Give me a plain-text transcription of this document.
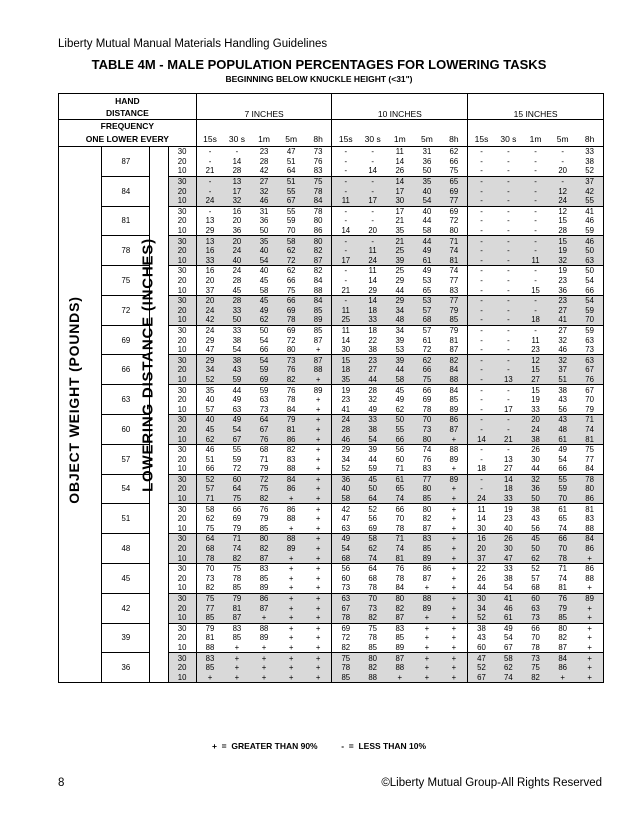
Liberty Mutual Manual Materials Handling Guidelines
TABLE 4M - MALE POPULATION PERCENTAGES FOR LOWERING TASKS
BEGINNING BELOW KNUCKLE HEIGHT (<31")
HAND				7 INCHES					10 INCHES					15 INCHES				
DISTANCE																		
FREQUENCY																		
ONE LOWER EVERY				15s	30 s	1m	5m	8h	15s	30 s	1m	5m	8h	15s	30 s	1m	5m	8h
	87		30	-	-	23	47	73	-	-	11	31	62	-	-	-	-	33
			20	-	14	28	51	76	-	-	14	36	66	-	-	-	-	38
			10	21	28	42	64	83	-	14	26	50	75	-	-	-	20	52
	84		30	-	13	27	51	75	-	-	14	35	65	-	-	-	-	37
			20	-	17	32	55	78	-	-	17	40	69	-	-	-	12	42
			10	24	32	46	67	84	11	17	30	54	77	-	-	-	24	55
	81		30	-	16	31	55	78	-	-	17	40	69	-	-	-	12	41
			20	13	20	36	59	80	-	-	21	44	72	-	-	-	15	46
			10	29	36	50	70	86	14	20	35	58	80	-	-	-	28	59
	78		30	13	20	35	58	80	-	-	21	44	71	-	-	-	15	46
			20	16	24	40	62	82	-	11	25	49	74	-	-	-	19	50
			10	33	40	54	72	87	17	24	39	61	81	-	-	11	32	63
	75		30	16	24	40	62	82	-	11	25	49	74	-	-	-	19	50
			20	20	28	45	66	84	-	14	29	53	77	-	-	-	23	54
			10	37	45	58	75	88	21	29	44	65	83	-	-	15	36	66
	72		30	20	28	45	66	84	-	14	29	53	77	-	-	-	23	54
			20	24	33	49	69	85	11	18	34	57	79	-	-	-	27	59
			10	42	50	62	78	89	25	33	48	68	85	-	-	18	41	70
	69		30	24	33	50	69	85	11	18	34	57	79	-	-	-	27	59
			20	29	38	54	72	87	14	22	39	61	81	-	-	11	32	63
			10	47	54	66	80	+	30	38	53	72	87	-	-	23	46	73
	66		30	29	38	54	73	87	15	23	39	62	82	-	-	12	32	63
			20	34	43	59	76	88	18	27	44	66	84	-	-	15	37	67
			10	52	59	69	82	+	35	44	58	75	88	-	13	27	51	76
	63		30	35	44	59	76	89	19	28	45	66	84	-	-	15	38	67
			20	40	49	63	78	+	23	32	49	69	85	-	-	19	43	70
			10	57	63	73	84	+	41	49	62	78	89	-	17	33	56	79
	60		30	40	49	64	79	+	24	33	50	70	86	-	-	20	43	71
			20	45	54	67	81	+	28	38	55	73	87	-	-	24	48	74
			10	62	67	76	86	+	46	54	66	80	+	14	21	38	61	81
	57		30	46	55	68	82	+	29	39	56	74	88	-	-	26	49	75
			20	51	59	71	83	+	34	44	60	76	89	-	13	30	54	77
			10	66	72	79	88	+	52	59	71	83	+	18	27	44	66	84
	54		30	52	60	72	84	+	36	45	61	77	89	-	14	32	55	78
			20	57	64	75	86	+	40	50	65	80	+	-	18	36	59	80
			10	71	75	82	+	+	58	64	74	85	+	24	33	50	70	86
	51		30	58	66	76	86	+	42	52	66	80	+	11	19	38	61	81
			20	62	69	79	88	+	47	56	70	82	+	14	23	43	65	83
			10	75	79	85	+	+	63	69	78	87	+	30	40	56	74	88
	48		30	64	71	80	88	+	49	58	71	83	+	16	26	45	66	84
			20	68	74	82	89	+	54	62	74	85	+	20	30	50	70	86
			10	78	82	87	+	+	68	74	81	89	+	37	47	62	78	+
	45		30	70	75	83	+	+	56	64	76	86	+	22	33	52	71	86
			20	73	78	85	+	+	60	68	78	87	+	26	38	57	74	88
			10	82	85	89	+	+	73	78	84	+	+	44	54	68	81	+
	42		30	75	79	86	+	+	63	70	80	88	+	30	41	60	76	89
			20	77	81	87	+	+	67	73	82	89	+	34	46	63	79	+
			10	85	87	+	+	+	78	82	87	+	+	52	61	73	85	+
	39		30	79	83	88	+	+	69	75	83	+	+	38	49	66	80	+
			20	81	85	89	+	+	72	78	85	+	+	43	54	70	82	+
			10	88	+	+	+	+	82	85	89	+	+	60	67	78	87	+
	36		30	83	+	+	+	+	75	80	87	+	+	47	58	73	84	+
			20	85	+	+	+	+	78	82	88	+	+	52	62	75	86	+
			10	+	+	+	+	+	85	88	+	+	+	67	74	82	+	+
OBJECT WEIGHT (POUNDS)	LOWERING DISTANCE (INCHES)
+  =  GREATER THAN 90%          -  =  LESS THAN 10%
8	©Liberty Mutual Group-All Rights Reserved
